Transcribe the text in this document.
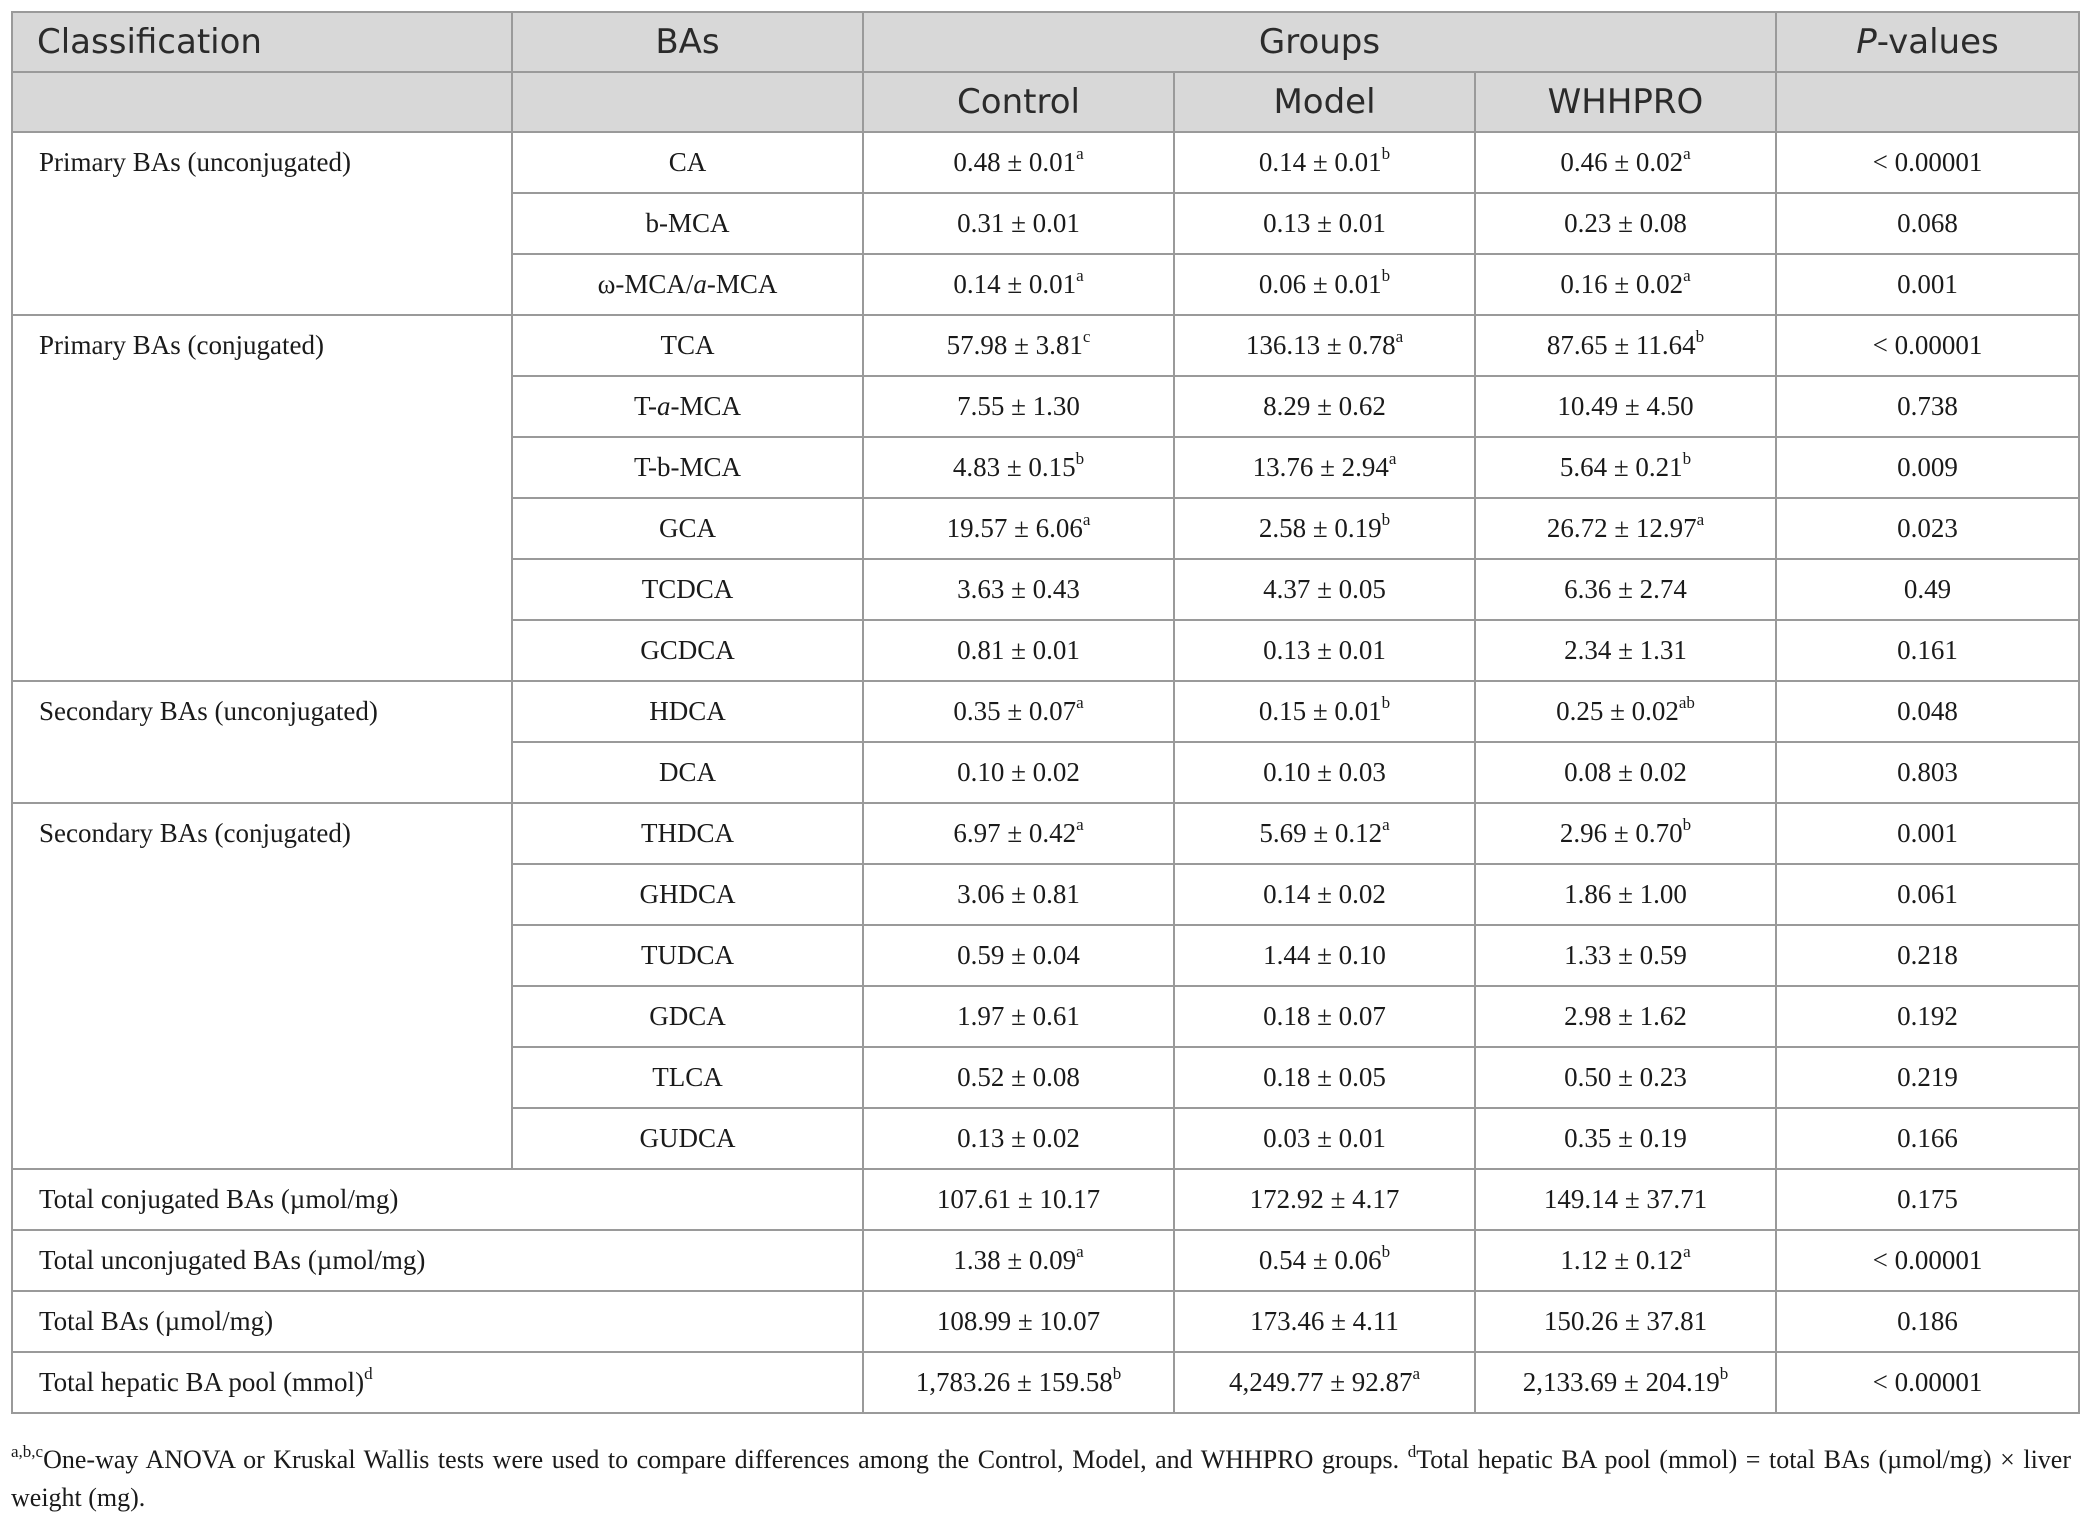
Classification	BAs	Groups			P-values
		Control	Model	WHHPRO	
Primary BAs (unconjugated)	CA	0.48 ± 0.01$^a$	0.14 ± 0.01$^b$	0.46 ± 0.02$^a$	< 0.00001
	b-MCA	0.31 ± 0.01	0.13 ± 0.01	0.23 ± 0.08	0.068
	ω-MCA/a-MCA	0.14 ± 0.01$^a$	0.06 ± 0.01$^b$	0.16 ± 0.02$^a$	0.001
Primary BAs (conjugated)	TCA	57.98 ± 3.81$^c$	136.13 ± 0.78$^a$	87.65 ± 11.64$^b$	< 0.00001
	T-a-MCA	7.55 ± 1.30	8.29 ± 0.62	10.49 ± 4.50	0.738
	T-b-MCA	4.83 ± 0.15$^b$	13.76 ± 2.94$^a$	5.64 ± 0.21$^b$	0.009
	GCA	19.57 ± 6.06$^a$	2.58 ± 0.19$^b$	26.72 ± 12.97$^a$	0.023
	TCDCA	3.63 ± 0.43	4.37 ± 0.05	6.36 ± 2.74	0.49
	GCDCA	0.81 ± 0.01	0.13 ± 0.01	2.34 ± 1.31	0.161
Secondary BAs (unconjugated)	HDCA	0.35 ± 0.07$^a$	0.15 ± 0.01$^b$	0.25 ± 0.02$^{ab}$	0.048
	DCA	0.10 ± 0.02	0.10 ± 0.03	0.08 ± 0.02	0.803
Secondary BAs (conjugated)	THDCA	6.97 ± 0.42$^a$	5.69 ± 0.12$^a$	2.96 ± 0.70$^b$	0.001
	GHDCA	3.06 ± 0.81	0.14 ± 0.02	1.86 ± 1.00	0.061
	TUDCA	0.59 ± 0.04	1.44 ± 0.10	1.33 ± 0.59	0.218
	GDCA	1.97 ± 0.61	0.18 ± 0.07	2.98 ± 1.62	0.192
	TLCA	0.52 ± 0.08	0.18 ± 0.05	0.50 ± 0.23	0.219
	GUDCA	0.13 ± 0.02	0.03 ± 0.01	0.35 ± 0.19	0.166
Total conjugated BAs (µmol/mg)		107.61 ± 10.17	172.92 ± 4.17	149.14 ± 37.71	0.175
Total unconjugated BAs (µmol/mg)		1.38 ± 0.09$^a$	0.54 ± 0.06$^b$	1.12 ± 0.12$^a$	< 0.00001
Total BAs (µmol/mg)		108.99 ± 10.07	173.46 ± 4.11	150.26 ± 37.81	0.186
Total hepatic BA pool (mmol)$^d$		1,783.26 ± 159.58$^b$	4,249.77 ± 92.87$^a$	2,133.69 ± 204.19$^b$	< 0.00001
$^{a,b,c}$One-way ANOVA or Kruskal Wallis tests were used to compare differences among the Control, Model, and WHHPRO groups. $^d$Total hepatic BA pool (mmol) = total BAs (µmol/mg) × liver weight (mg).
